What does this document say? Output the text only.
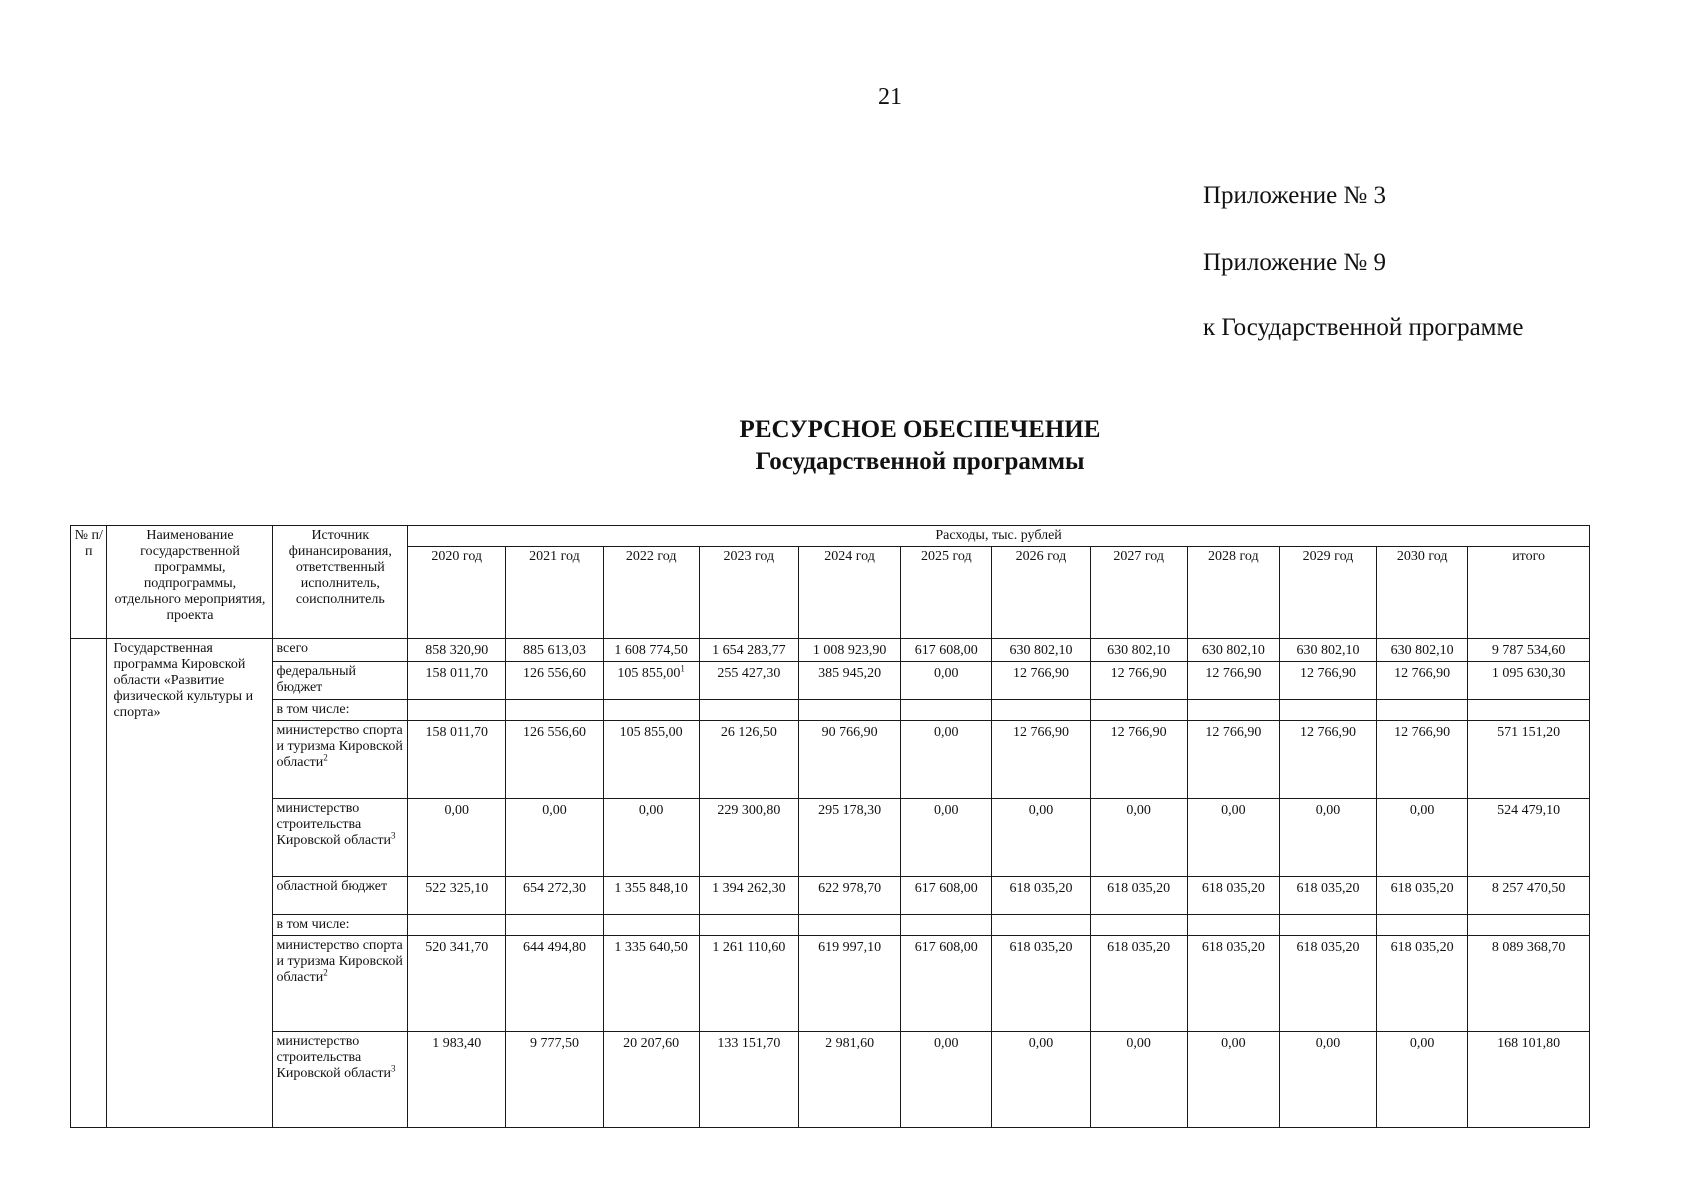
21
Приложение № 3
Приложение № 9
к Государственной программе
РЕСУРСНОЕ ОБЕСПЕЧЕНИЕ
Государственной программы
№ п/п	Наименование государственной программы, подпрограммы, отдельного мероприятия, проекта	Источник финансирования, ответственный исполнитель, соисполнитель	Расходы, тыс. рублей											
			2020 год	2021 год	2022 год	2023 год	2024 год	2025 год	2026 год	2027 год	2028 год	2029 год	2030 год	итого
	Государственная программа Кировской области «Развитие физической культуры и спорта»	всего	858 320,90	885 613,03	1 608 774,50	1 654 283,77	1 008 923,90	617 608,00	630 802,10	630 802,10	630 802,10	630 802,10	630 802,10	9 787 534,60
		федеральный бюджет	158 011,70	126 556,60	105 855,00$^1$	255 427,30	385 945,20	0,00	12 766,90	12 766,90	12 766,90	12 766,90	12 766,90	1 095 630,30
		в том числе:												
		министерство спорта и туризма Кировской области$^2$	158 011,70	126 556,60	105 855,00	26 126,50	90 766,90	0,00	12 766,90	12 766,90	12 766,90	12 766,90	12 766,90	571 151,20
		министерство строительства Кировской области$^3$	0,00	0,00	0,00	229 300,80	295 178,30	0,00	0,00	0,00	0,00	0,00	0,00	524 479,10
		областной бюджет	522 325,10	654 272,30	1 355 848,10	1 394 262,30	622 978,70	617 608,00	618 035,20	618 035,20	618 035,20	618 035,20	618 035,20	8 257 470,50
		в том числе:												
		министерство спорта и туризма Кировской области$^2$	520 341,70	644 494,80	1 335 640,50	1 261 110,60	619 997,10	617 608,00	618 035,20	618 035,20	618 035,20	618 035,20	618 035,20	8 089 368,70
		министерство строительства Кировской области$^3$	1 983,40	9 777,50	20 207,60	133 151,70	2 981,60	0,00	0,00	0,00	0,00	0,00	0,00	168 101,80
